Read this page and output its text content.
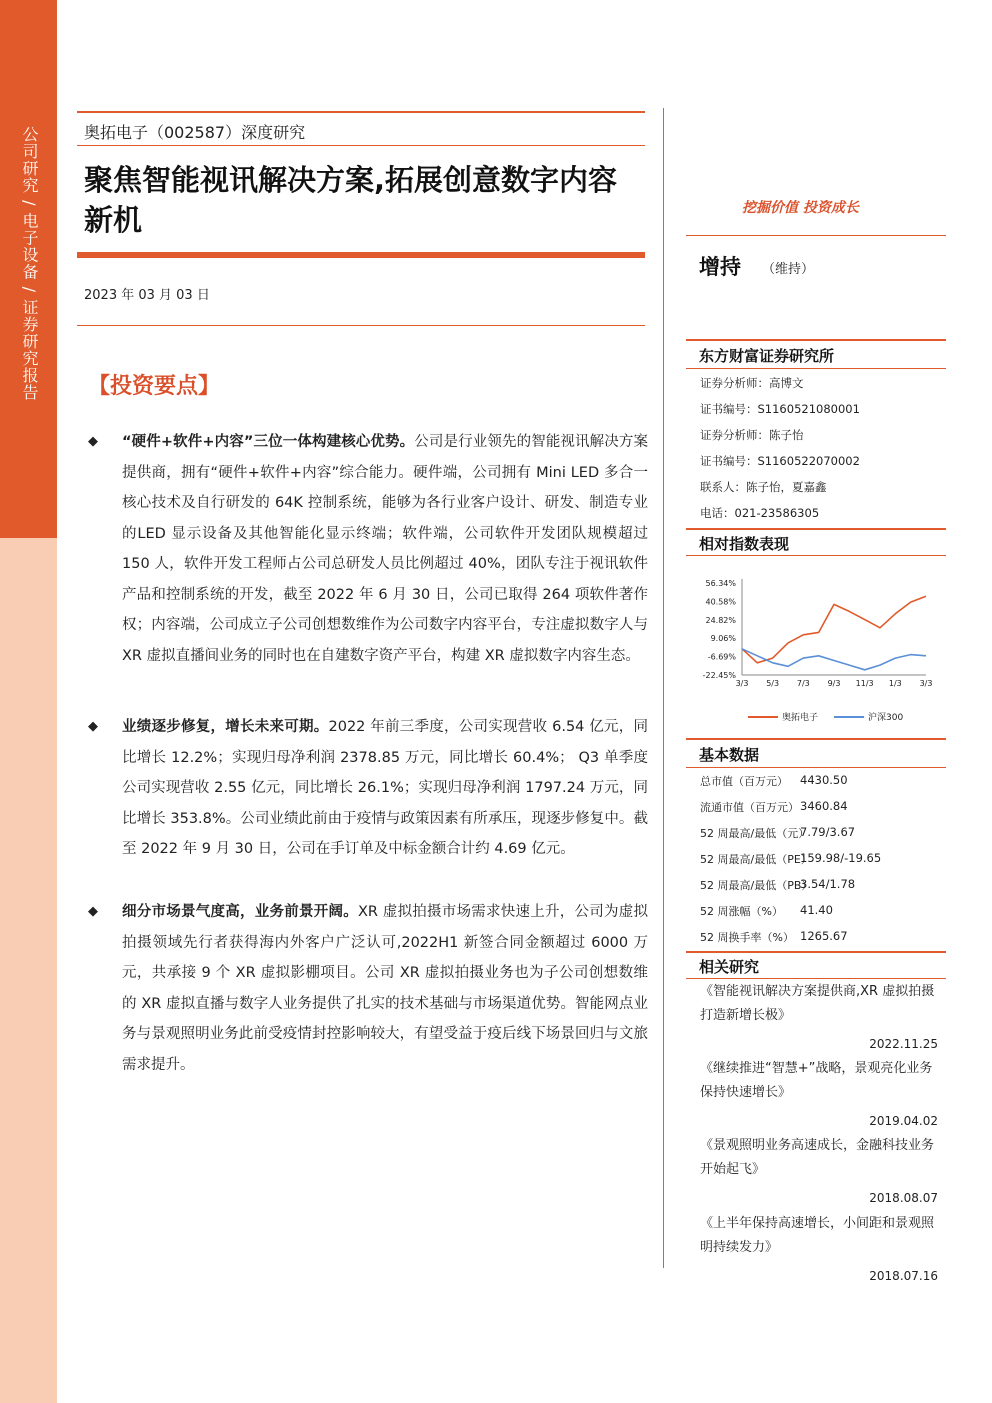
公司研究 / 电子设备 / 证券研究报告	奥拓电子（002587）深度研究
聚焦智能视讯解决方案,拓展创意数字内容新机
2023 年 03 月 03 日
【投资要点】
◆ “硬件+软件+内容”三位一体构建核心优势。公司是行业领先的智能视讯解决方案提供商，拥有“硬件+软件+内容”综合能力。硬件端，公司拥有 Mini LED 多合一核心技术及自行研发的 64K 控制系统，能够为各行业客户设计、研发、制造专业的LED 显示设备及其他智能化显示终端；软件端，公司软件开发团队规模超过 150 人，软件开发工程师占公司总研发人员比例超过 40%，团队专注于视讯软件产品和控制系统的开发，截至 2022 年 6 月 30 日，公司已取得 264 项软件著作权；内容端，公司成立子公司创想数维作为公司数字内容平台，专注虚拟数字人与 XR 虚拟直播间业务的同时也在自建数字资产平台，构建 XR 虚拟数字内容生态。
◆ 业绩逐步修复，增长未来可期。2022 年前三季度，公司实现营收 6.54 亿元，同比增长 12.2%；实现归母净利润 2378.85 万元，同比增长 60.4%； Q3 单季度公司实现营收 2.55 亿元，同比增长 26.1%；实现归母净利润 1797.24 万元，同比增长 353.8%。公司业绩此前由于疫情与政策因素有所承压，现逐步修复中。截至 2022 年 9 月 30 日，公司在手订单及中标金额合计约 4.69 亿元。
◆ 细分市场景气度高，业务前景开阔。XR 虚拟拍摄市场需求快速上升，公司为虚拟拍摄领域先行者获得海内外客户广泛认可,2022H1 新签合同金额超过 6000 万元，共承接 9 个 XR 虚拟影棚项目。公司 XR 虚拟拍摄业务也为子公司创想数维的 XR 虚拟直播与数字人业务提供了扎实的技术基础与市场渠道优势。智能网点业务与景观照明业务此前受疫情封控影响较大，有望受益于疫后线下场景回归与文旅需求提升。
挖掘价值 投资成长
增持 （维持）
东方财富证券研究所
证券分析师：高博文
证书编号：S1160521080001
证券分析师：陈子怡
证书编号：S1160522070002
联系人：陈子怡，夏嘉鑫
电话：021-23586305
相对指数表现
56.34%
40.58%
24.82%
9.06%
-6.69%
-22.45%
3/3 5/3 7/3 9/3 11/3 1/3 3/3
奥拓电子	沪深300
基本数据
总市值（百万元） 4430.50
流通市值（百万元） 3460.84
52 周最高/最低（元）
7.79/3.67
52 周最高/最低（PE）
159.98/-19.65
52 周最高/最低（PB）
3.54/1.78
52 周涨幅（%） 41.40
52 周换手率（%） 1265.67
相关研究
《智能视讯解决方案提供商,XR 虚拟拍摄打造新增长极》
2022.11.25
《继续推进“智慧+”战略，景观亮化业务保持快速增长》
2019.04.02
《景观照明业务高速成长，金融科技业务开始起飞》
2018.08.07
《上半年保持高速增长，小间距和景观照明持续发力》
2018.07.16
